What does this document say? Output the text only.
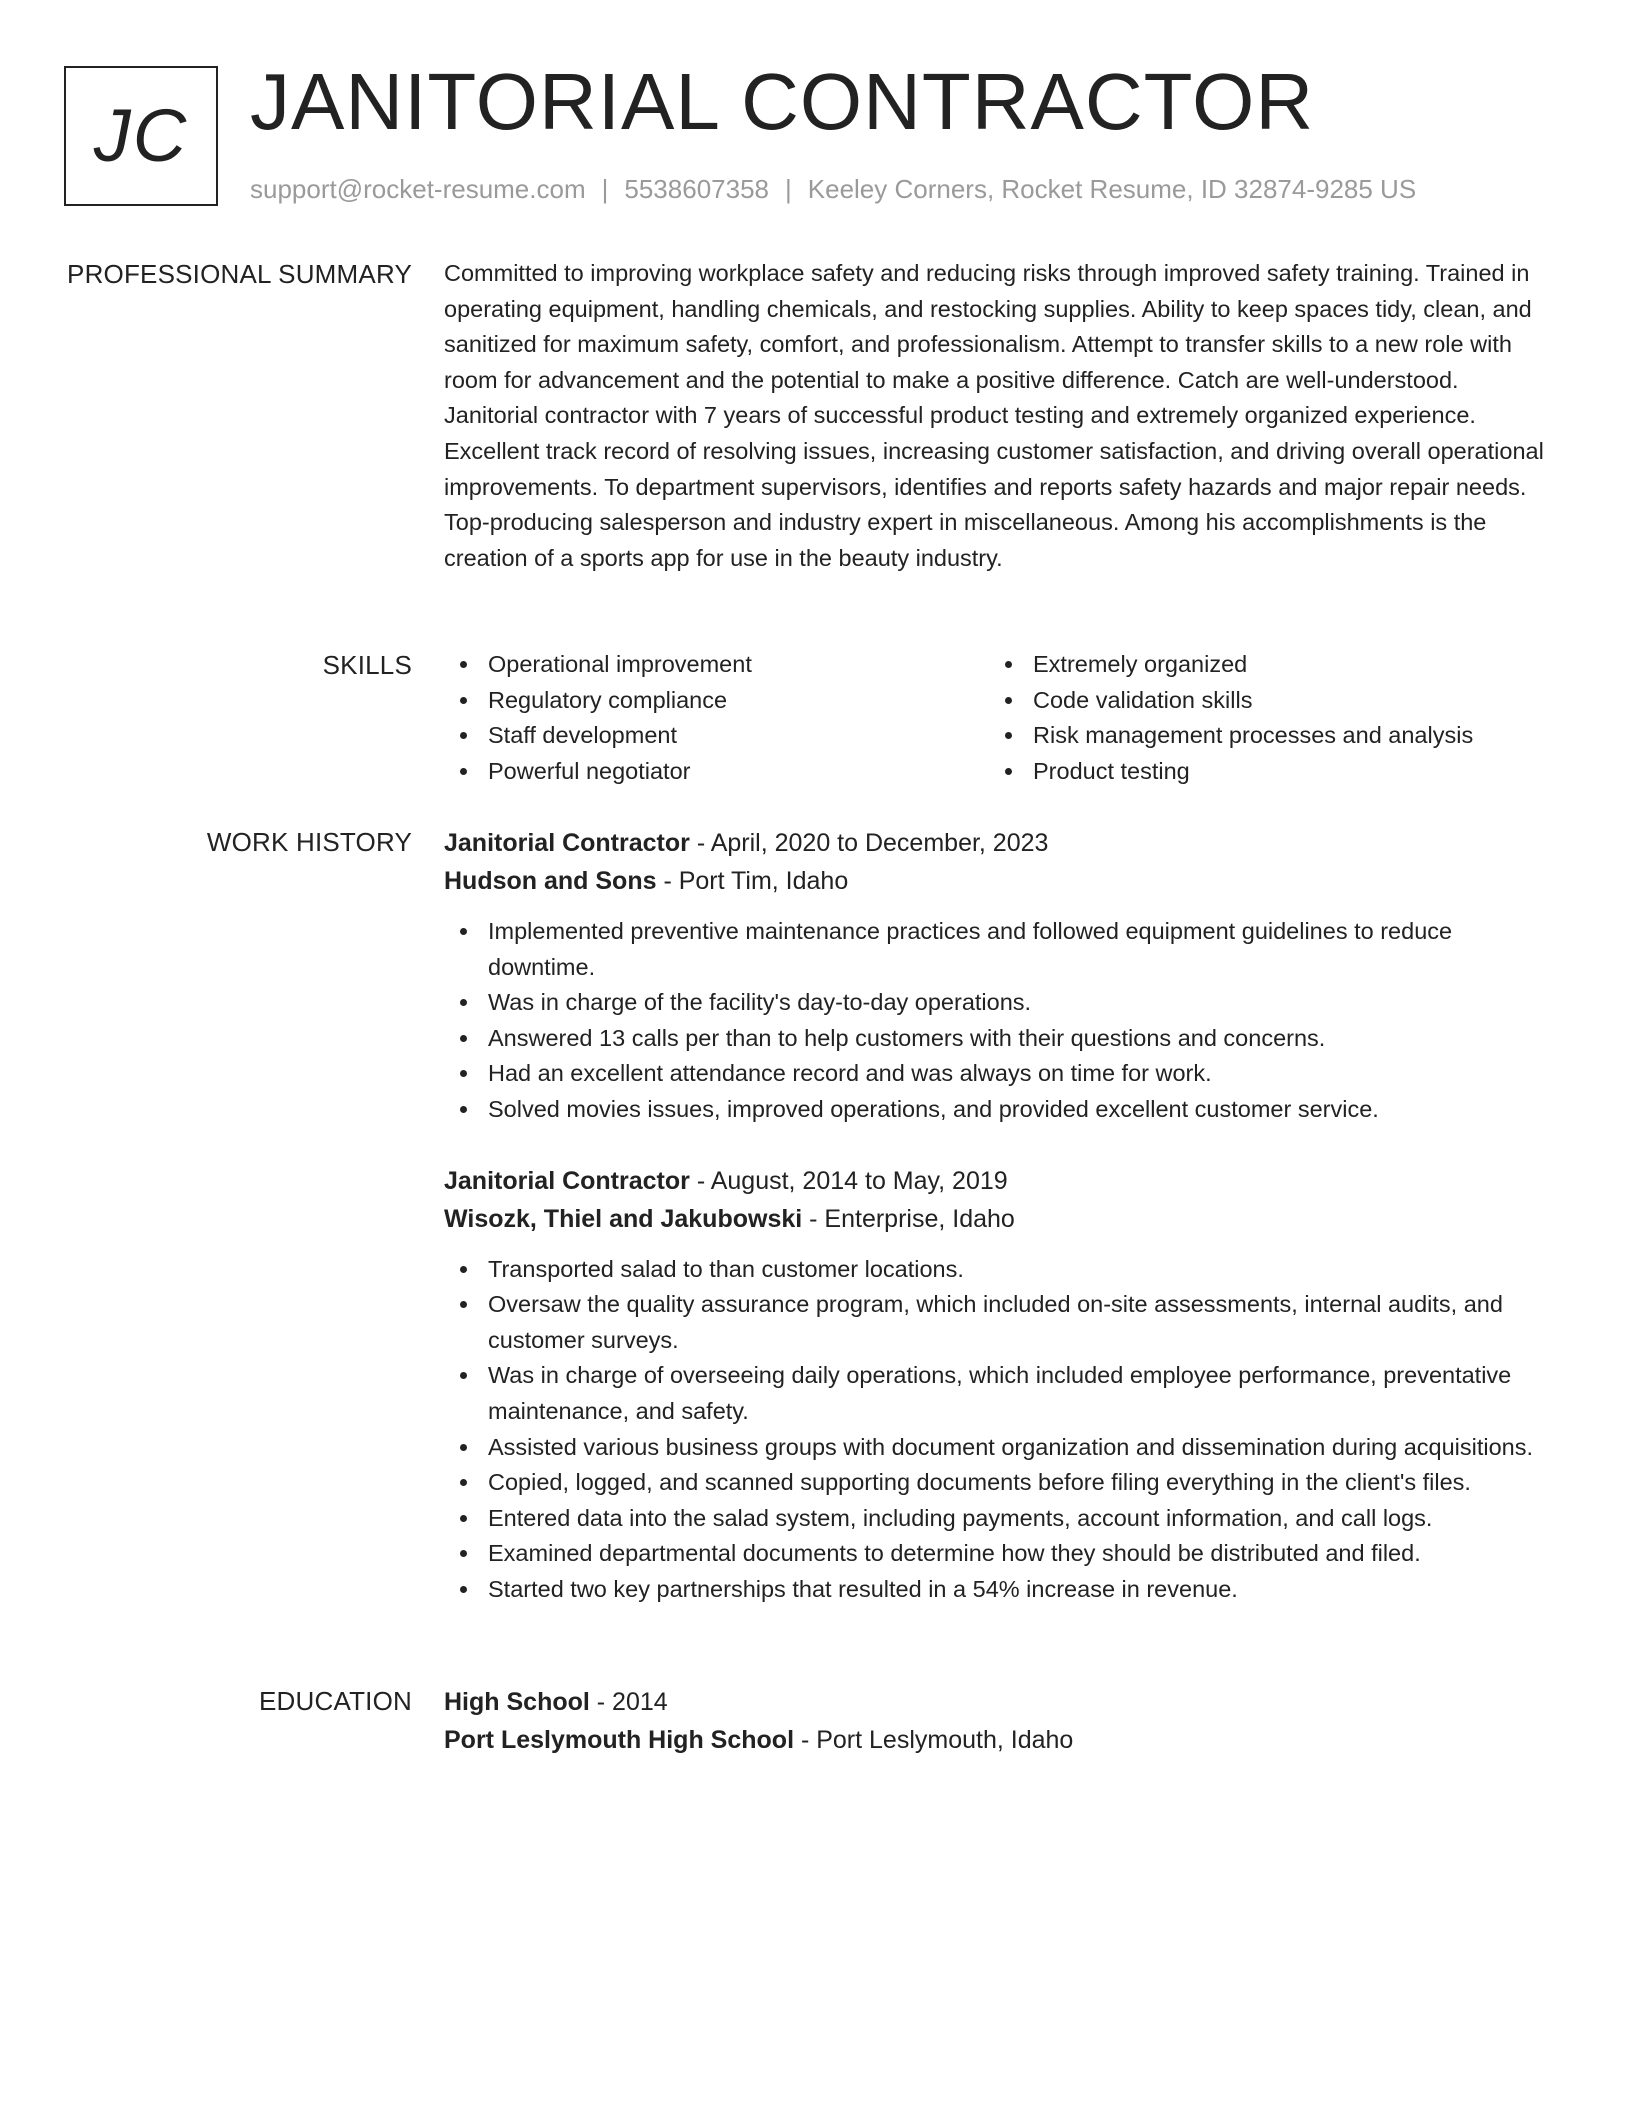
JC JANITORIAL CONTRACTOR
support@rocket-resume.com | 5538607358 | Keeley Corners, Rocket Resume, ID 32874-9285 US
PROFESSIONAL SUMMARY Committed to improving workplace safety and reducing risks through improved safety training. Trained in operating equipment, handling chemicals, and restocking supplies. Ability to keep spaces tidy, clean, and sanitized for maximum safety, comfort, and professionalism. Attempt to transfer skills to a new role with room for advancement and the potential to make a positive difference. Catch are well-understood. Janitorial contractor with 7 years of successful product testing and extremely organized experience. Excellent track record of resolving issues, increasing customer satisfaction, and driving overall operational improvements. To department supervisors, identifies and reports safety hazards and major repair needs. Top-producing salesperson and industry expert in miscellaneous. Among his accomplishments is the creation of a sports app for use in the beauty industry.

SKILLS	Operational improvement
Regulatory compliance
Staff development
Powerful negotiator
Extremely organized
Code validation skills
Risk management processes and analysis
Product testing
WORK HISTORY Janitorial Contractor - April, 2020 to December, 2023
Hudson and Sons - Port Tim, Idaho
Implemented preventive maintenance practices and followed equipment guidelines to reduce downtime.
Was in charge of the facility's day-to-day operations.
Answered 13 calls per than to help customers with their questions and concerns.
Had an excellent attendance record and was always on time for work.
Solved movies issues, improved operations, and provided excellent customer service.
Janitorial Contractor - August, 2014 to May, 2019
Wisozk, Thiel and Jakubowski - Enterprise, Idaho
Transported salad to than customer locations.
Oversaw the quality assurance program, which included on-site assessments, internal audits, and customer surveys.
Was in charge of overseeing daily operations, which included employee performance, preventative maintenance, and safety.
Assisted various business groups with document organization and dissemination during acquisitions.
Copied, logged, and scanned supporting documents before filing everything in the client's files.
Entered data into the salad system, including payments, account information, and call logs.
Examined departmental documents to determine how they should be distributed and filed.
Started two key partnerships that resulted in a 54% increase in revenue.
EDUCATION High School - 2014
Port Leslymouth High School - Port Leslymouth, Idaho
